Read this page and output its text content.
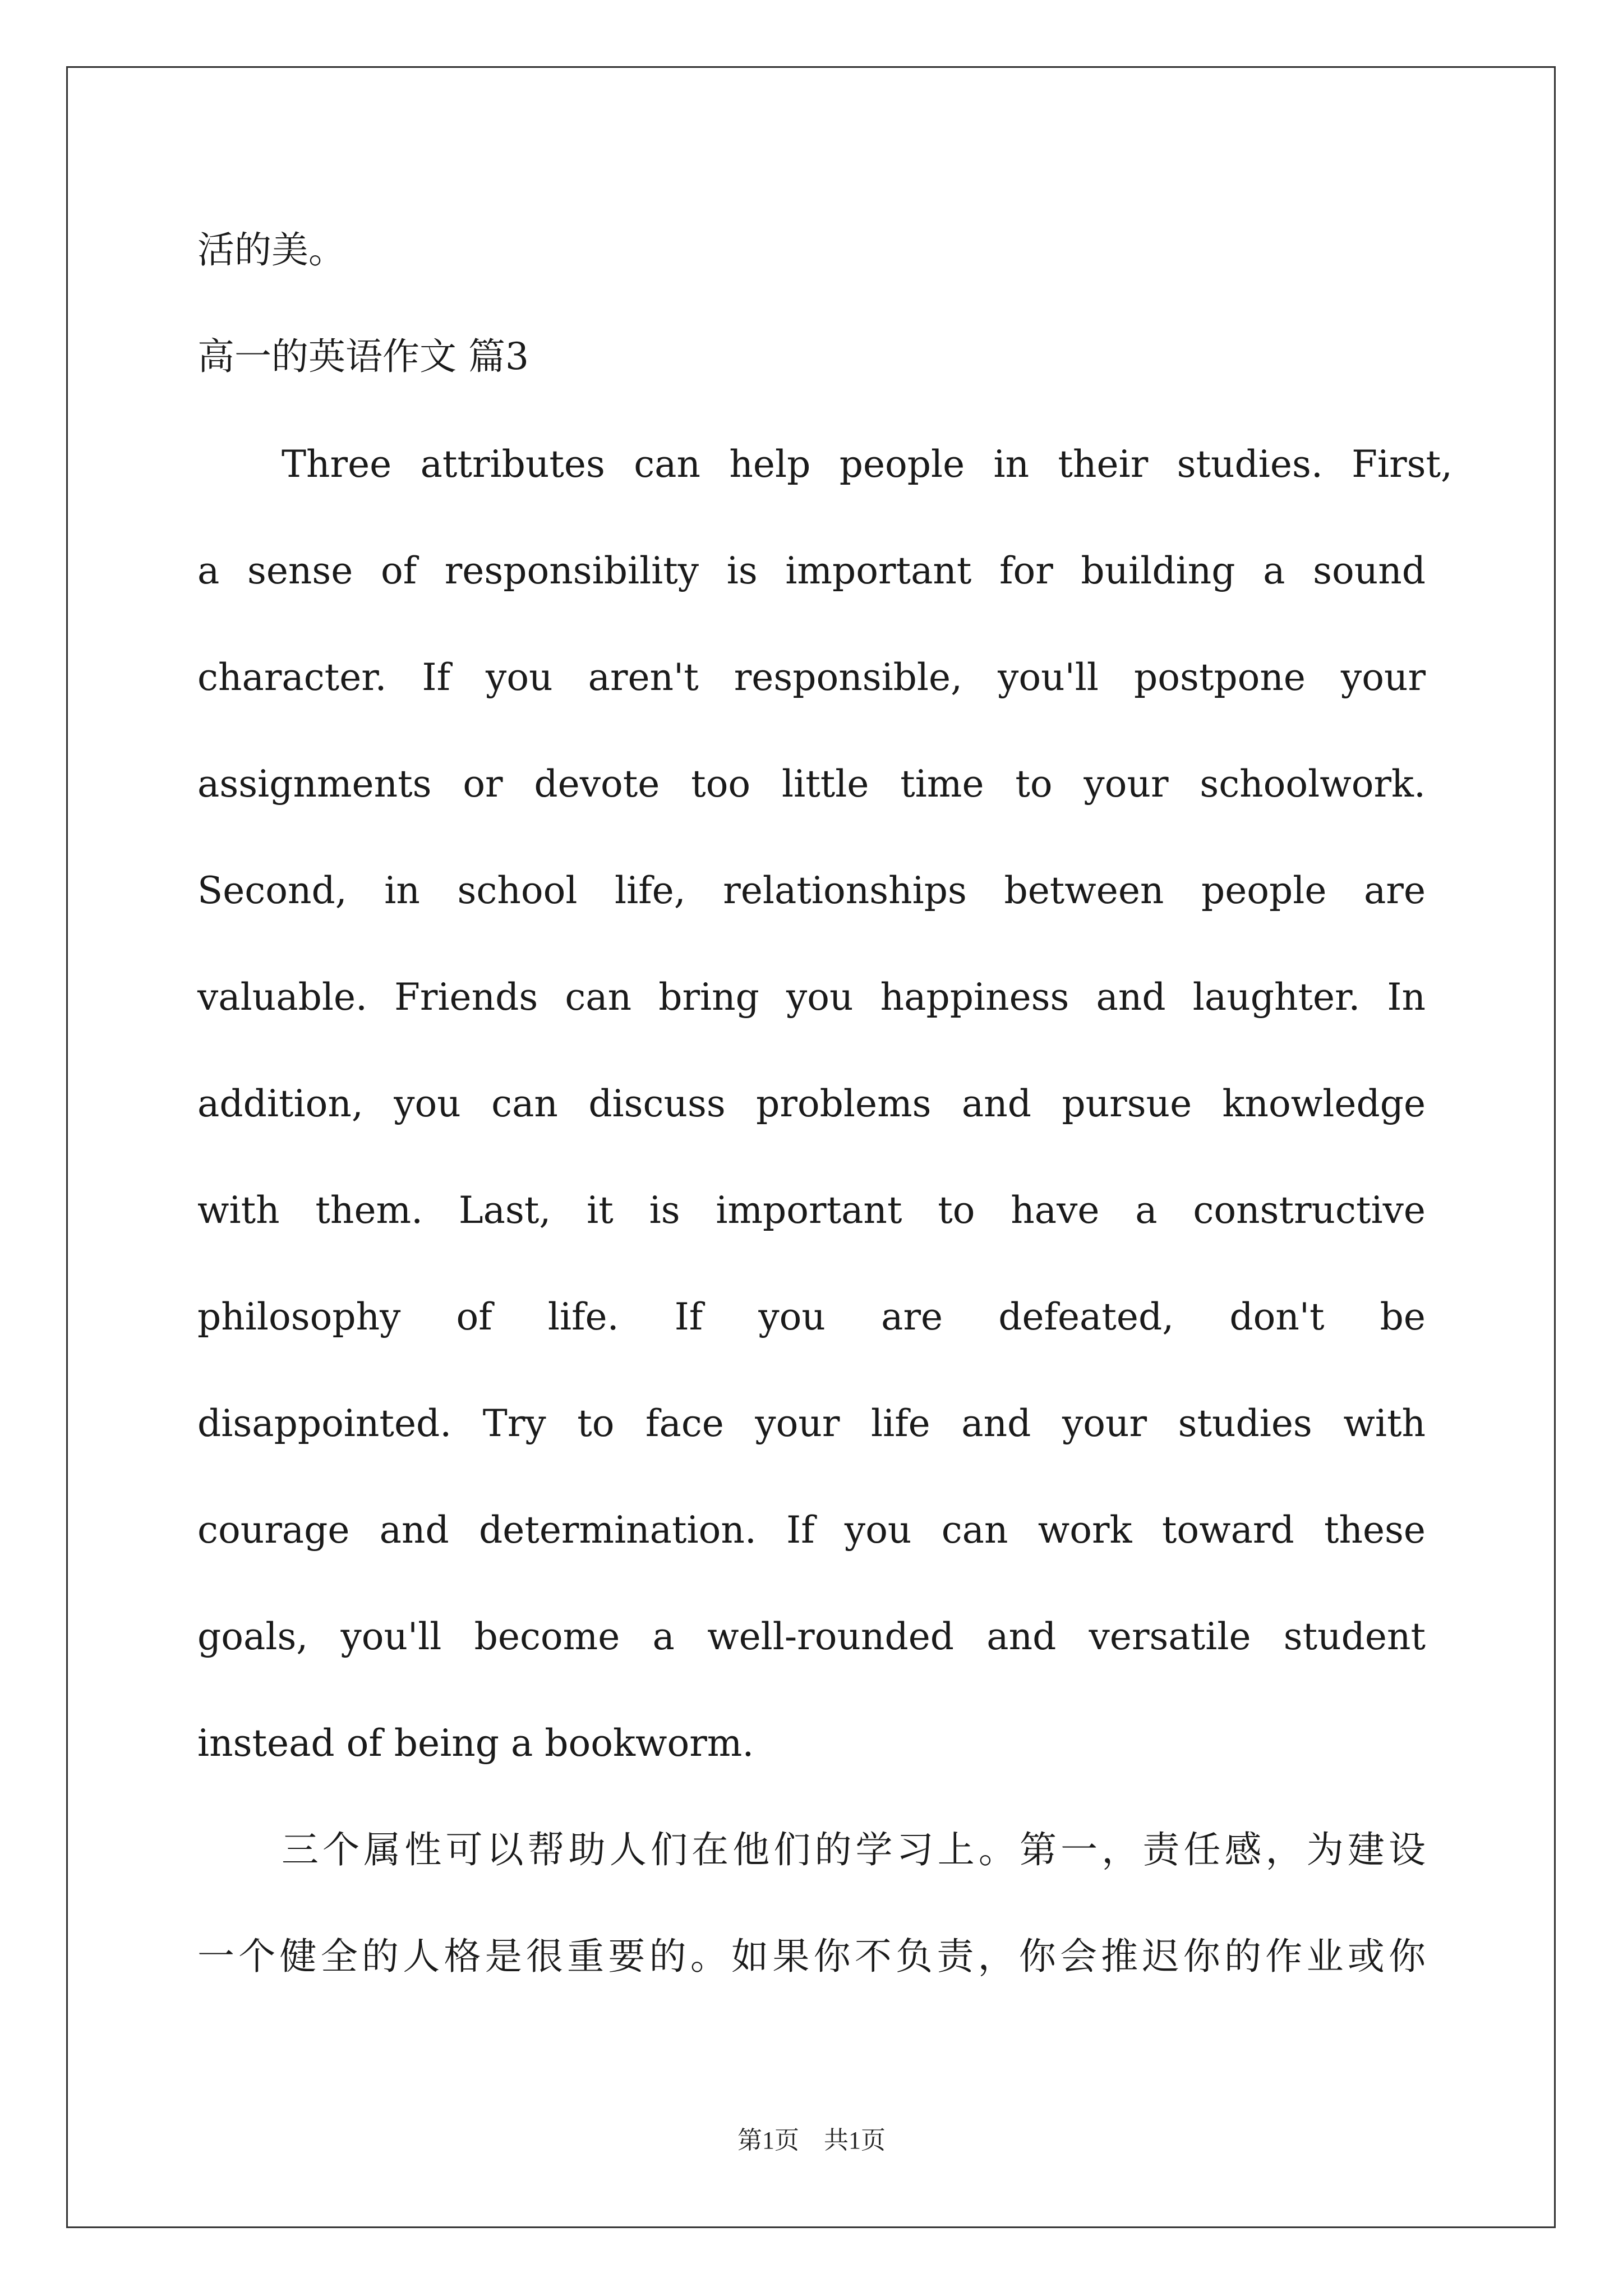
活的美。

高一的英语作文 篇3

Three attributes can help people in their studies. First,

a sense of responsibility is important for building a sound

character. If you aren't responsible, you'll postpone your

assignments or devote too little time to your schoolwork.

Second, in school life, relationships between people are

valuable. Friends can bring you happiness and laughter. In

addition, you can discuss problems and pursue knowledge

with them. Last, it is important to have a constructive

philosophy of life. If you are defeated, don't be

disappointed. Try to face your life and your studies with

courage and determination. If you can work toward these

goals, you'll become a well-rounded and versatile student

instead of being a bookworm.

三个属性可以帮助人们在他们的学习上。第一，责任感，为建设

一个健全的人格是很重要的。如果你不负责，你会推迟你的作业或你

第1页 共1页
